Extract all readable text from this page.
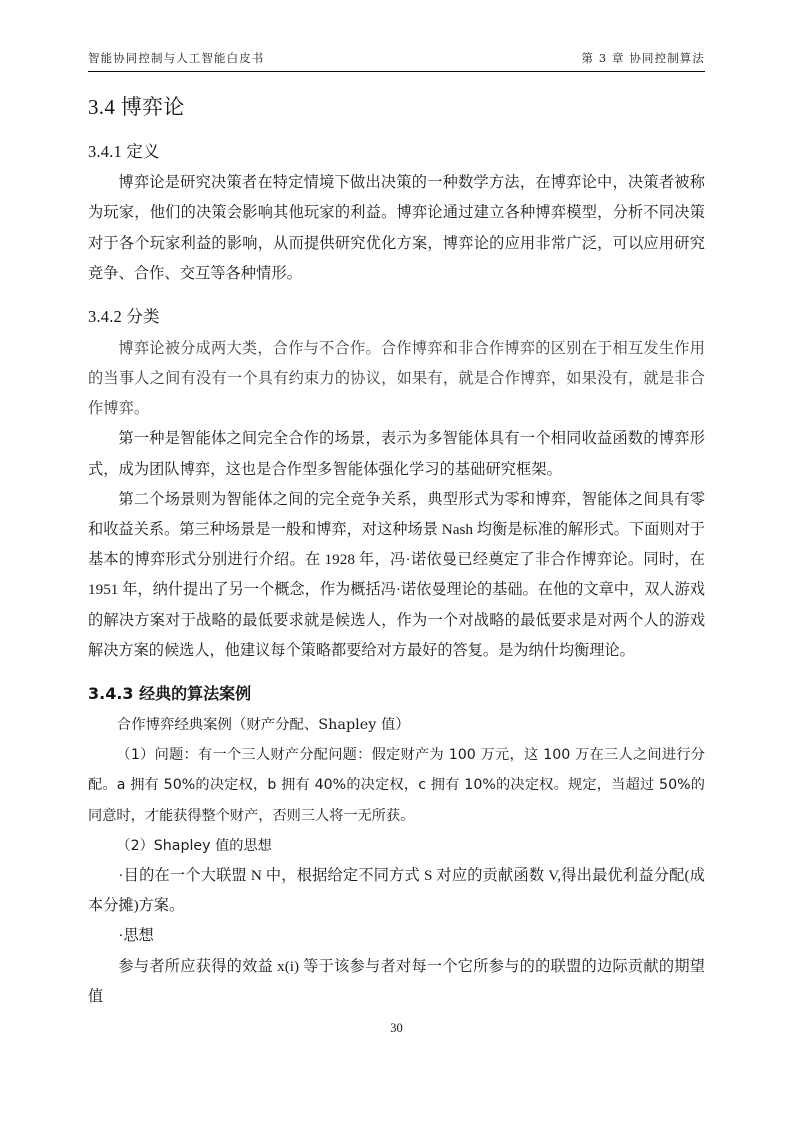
智能协同控制与人工智能白皮书	第 3 章 协同控制算法
3.4 博弈论
3.4.1 定义

博弈论是研究决策者在特定情境下做出决策的一种数学方法，在博弈论中，决策者被称为玩家，他们的决策会影响其他玩家的利益。博弈论通过建立各种博弈模型，分析不同决策对于各个玩家利益的影响，从而提供研究优化方案，博弈论的应用非常广泛，可以应用研究竞争、合作、交互等各种情形。

3.4.2 分类

博弈论被分成两大类，合作与不合作。合作博弈和非合作博弈的区别在于相互发生作用的当事人之间有没有一个具有约束力的协议，如果有，就是合作博弈，如果没有，就是非合作博弈。

第一种是智能体之间完全合作的场景，表示为多智能体具有一个相同收益函数的博弈形式，成为团队博弈，这也是合作型多智能体强化学习的基础研究框架。

第二个场景则为智能体之间的完全竞争关系，典型形式为零和博弈，智能体之间具有零和收益关系。第三种场景是一般和博弈，对这种场景 Nash 均衡是标准的解形式。下面则对于基本的博弈形式分别进行介绍。在 1928 年，冯·诺依曼已经奠定了非合作博弈论。同时，在 1951 年，纳什提出了另一个概念，作为概括冯·诺依曼理论的基础。在他的文章中，双人游戏的解决方案对于战略的最低要求就是候选人，作为一个对战略的最低要求是对两个人的游戏解决方案的候选人，他建议每个策略都要给对方最好的答复。是为纳什均衡理论。

3.4.3 经典的算法案例

合作博弈经典案例（财产分配、Shapley 值）

（1）问题：有一个三人财产分配问题：假定财产为 100 万元，这 100 万在三人之间进行分配。a 拥有 50%的决定权，b 拥有 40%的决定权，c 拥有 10%的决定权。规定，当超过 50%的同意时，才能获得整个财产，否则三人将一无所获。

（2）Shapley 值的思想

·目的在一个大联盟 N 中，根据给定不同方式 S 对应的贡献函数 V,得出最优利益分配(成本分摊)方案。

·思想

参与者所应获得的效益 x(i) 等于该参与者对每一个它所参与的的联盟的边际贡献的期望值

30
